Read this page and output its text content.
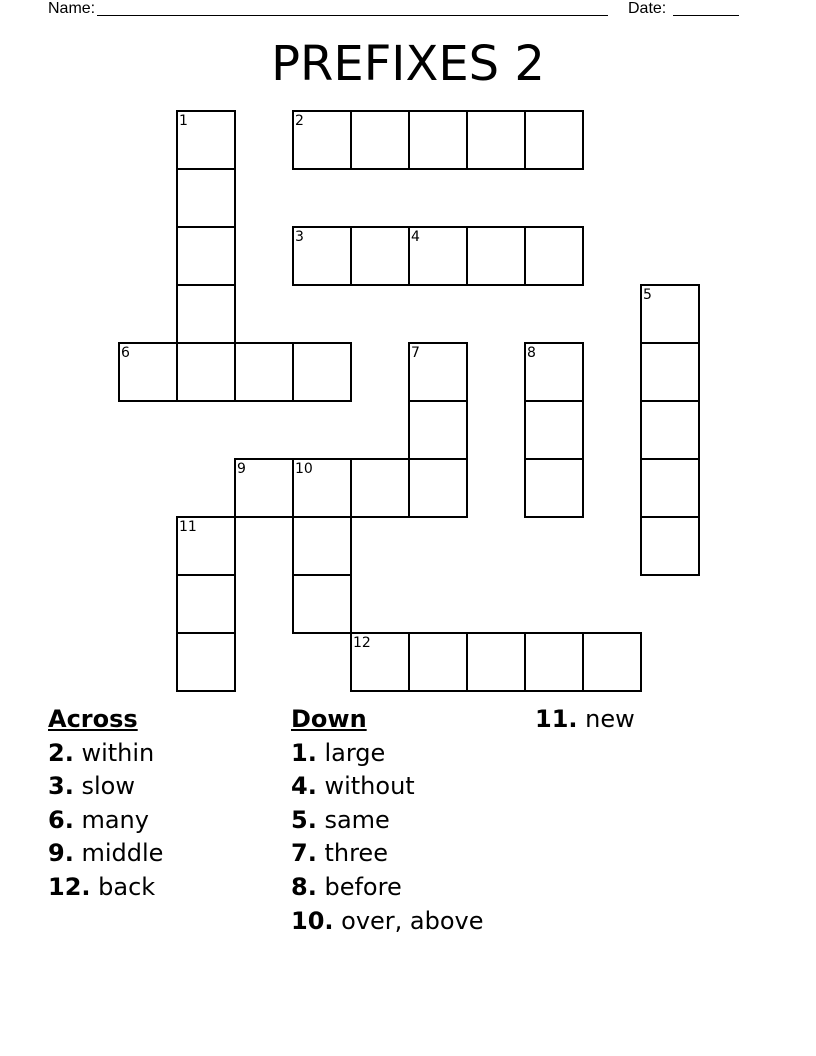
Name:	Date:
PREFIXES 2
1	2
3	4
5
6	7	8
9	10
11
12
Across
2. within
3. slow
6. many
9. middle
12. back
Down
1. large
4. without
5. same
7. three
8. before
10. over, above
11. new
